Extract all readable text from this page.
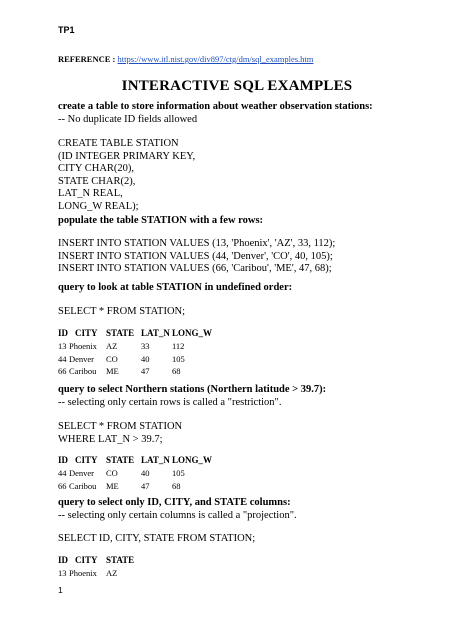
TP1
REFERENCE : https://www.itl.nist.gov/div897/ctg/dm/sql_examples.htm
INTERACTIVE SQL EXAMPLES
create a table to store information about weather observation stations:
-- No duplicate ID fields allowed
CREATE TABLE STATION
(ID INTEGER PRIMARY KEY,
CITY CHAR(20),
STATE CHAR(2),
LAT_N REAL,
LONG_W REAL);
populate the table STATION with a few rows:
INSERT INTO STATION VALUES (13, 'Phoenix', 'AZ', 33, 112);
INSERT INTO STATION VALUES (44, 'Denver', 'CO', 40, 105);
INSERT INTO STATION VALUES (66, 'Caribou', 'ME', 47, 68);
query to look at table STATION in undefined order:
SELECT * FROM STATION;
ID CITY STATE LAT_N LONG_W
13 Phoenix AZ	33	112
44 Denver CO	40	105
66 Caribou ME	47	68
query to select Northern stations (Northern latitude > 39.7):
-- selecting only certain rows is called a "restriction".
SELECT * FROM STATION
WHERE LAT_N > 39.7;
ID CITY STATE LAT_N LONG_W
44 Denver CO	40	105
66 Caribou ME	47	68
query to select only ID, CITY, and STATE columns:
-- selecting only certain columns is called a "projection".
SELECT ID, CITY, STATE FROM STATION;
ID CITY STATE
13 Phoenix AZ
1
